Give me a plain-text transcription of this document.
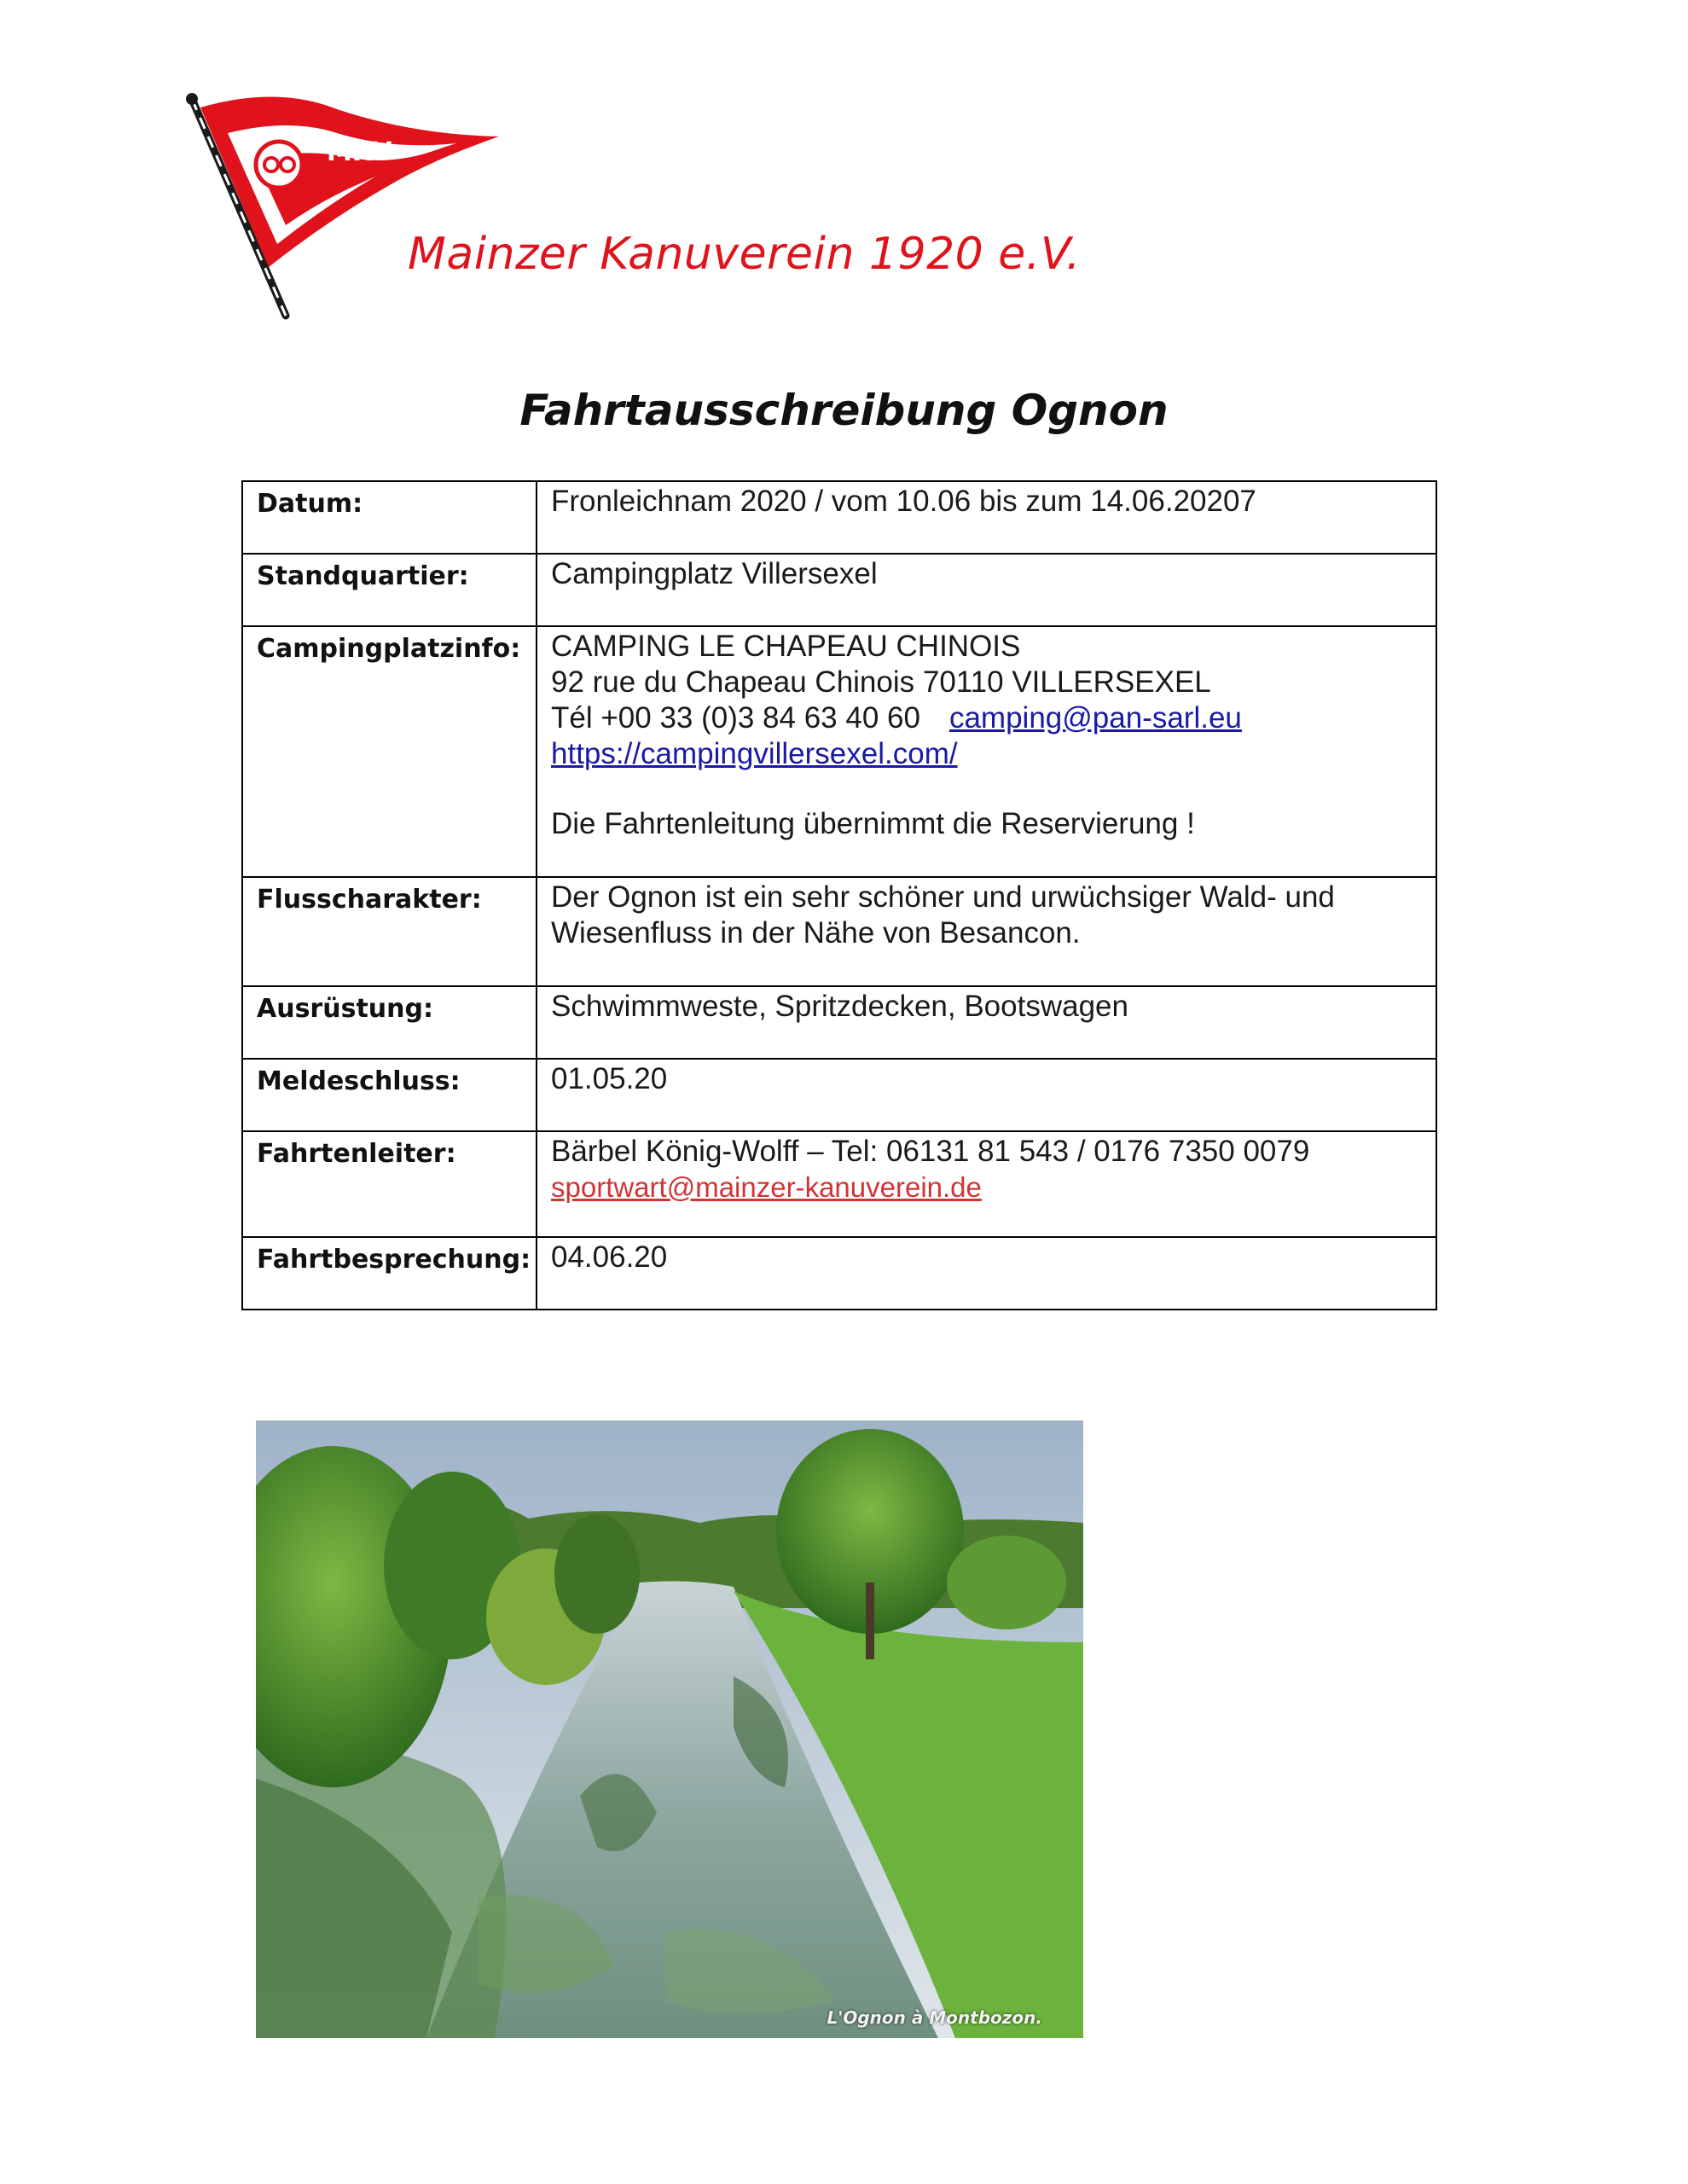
MKV
Mainzer Kanuverein 1920 e.V.
Fahrtausschreibung Ognon
Datum:	Fronleichnam 2020 / vom 10.06 bis zum 14.06.20207

Standquartier:	Campingplatz Villersexel

Campingplatzinfo:	CAMPING LE CHAPEAU CHINOIS
92 rue du Chapeau Chinois 70110 VILLERSEXEL
Tél +00 33 (0)3 84 63 40 60 camping@pan-sarl.eu
https://campingvillersexel.com/
Die Fahrtenleitung übernimmt die Reservierung !

Flusscharakter:	Der Ognon ist ein sehr schöner und urwüchsiger Wald- und Wiesenfluss in der Nähe von Besancon.

Ausrüstung:	Schwimmweste, Spritzdecken, Bootswagen

Meldeschluss:	01.05.20

Fahrtenleiter:	Bärbel König-Wolff – Tel: 06131 81 543 / 0176 7350 0079
sportwart@mainzer-kanuverein.de

Fahrtbesprechung:	04.06.20
L'Ognon à Montbozon.
